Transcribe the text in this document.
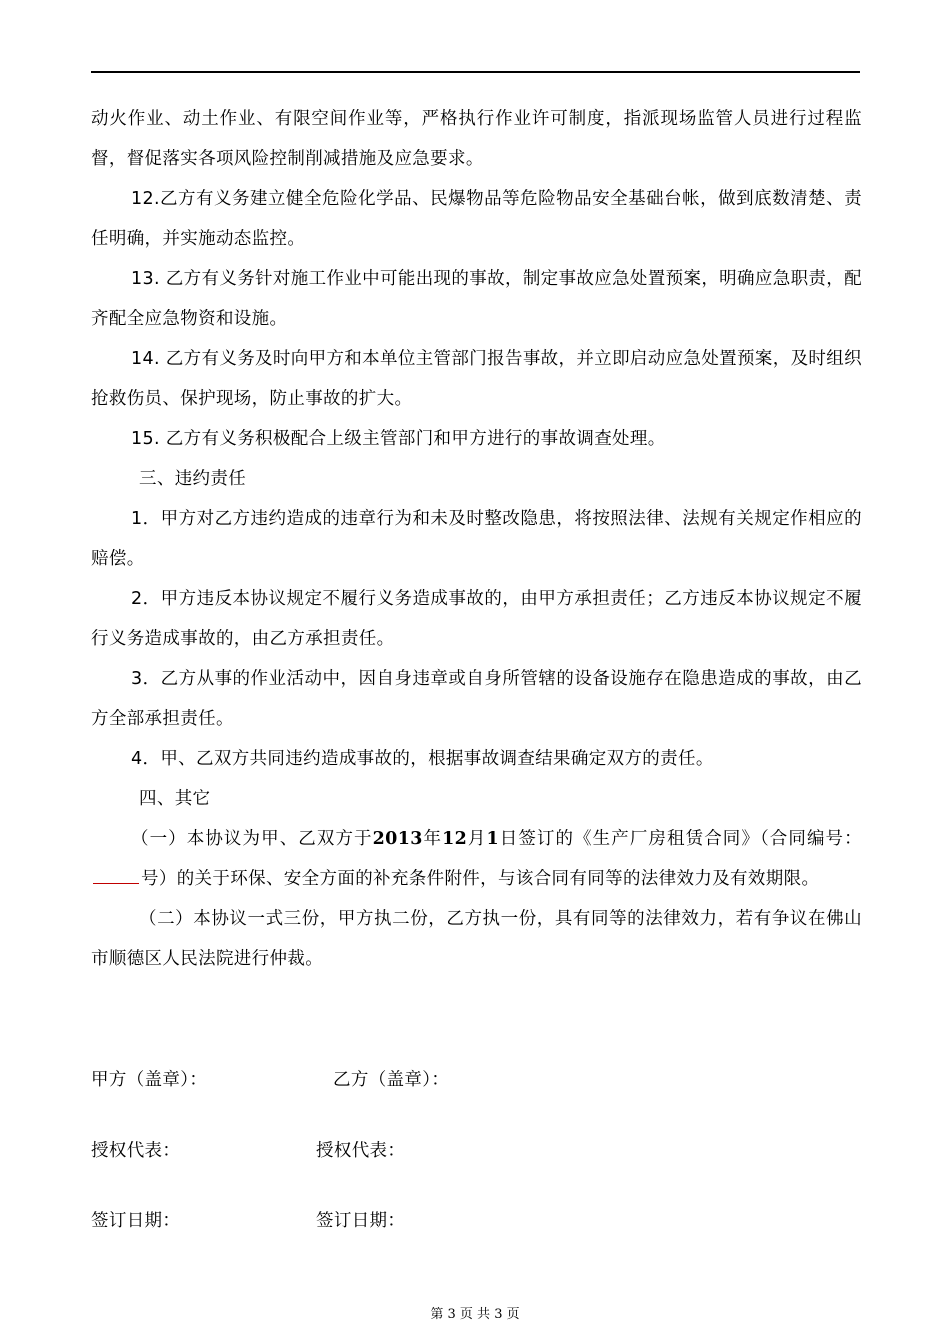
动火作业、动土作业、有限空间作业等，严格执行作业许可制度，指派现场监管人员进行过程监督，督促落实各项风险控制削减措施及应急要求。

12.乙方有义务建立健全危险化学品、民爆物品等危险物品安全基础台帐，做到底数清楚、责任明确，并实施动态监控。

13. 乙方有义务针对施工作业中可能出现的事故，制定事故应急处置预案，明确应急职责，配齐配全应急物资和设施。

14. 乙方有义务及时向甲方和本单位主管部门报告事故，并立即启动应急处置预案，及时组织抢救伤员、保护现场，防止事故的扩大。

15. 乙方有义务积极配合上级主管部门和甲方进行的事故调查处理。

三、违约责任

1．甲方对乙方违约造成的违章行为和未及时整改隐患，将按照法律、法规有关规定作相应的赔偿。

2．甲方违反本协议规定不履行义务造成事故的，由甲方承担责任；乙方违反本协议规定不履行义务造成事故的，由乙方承担责任。

3．乙方从事的作业活动中，因自身违章或自身所管辖的设备设施存在隐患造成的事故，由乙方全部承担责任。

4．甲、乙双方共同违约造成事故的，根据事故调查结果确定双方的责任。

四、其它

（一）本协议为甲、乙双方于2013年12月1日签订的《生产厂房租赁合同》（合同编号：号）的关于环保、安全方面的补充条件附件，与该合同有同等的法律效力及有效期限。

（二）本协议一式三份，甲方执二份，乙方执一份，具有同等的法律效力，若有争议在佛山市顺德区人民法院进行仲裁。

甲方（盖章）：	乙方（盖章）：
授权代表：	授权代表：
签订日期：	签订日期：
第 3 页 共 3 页
